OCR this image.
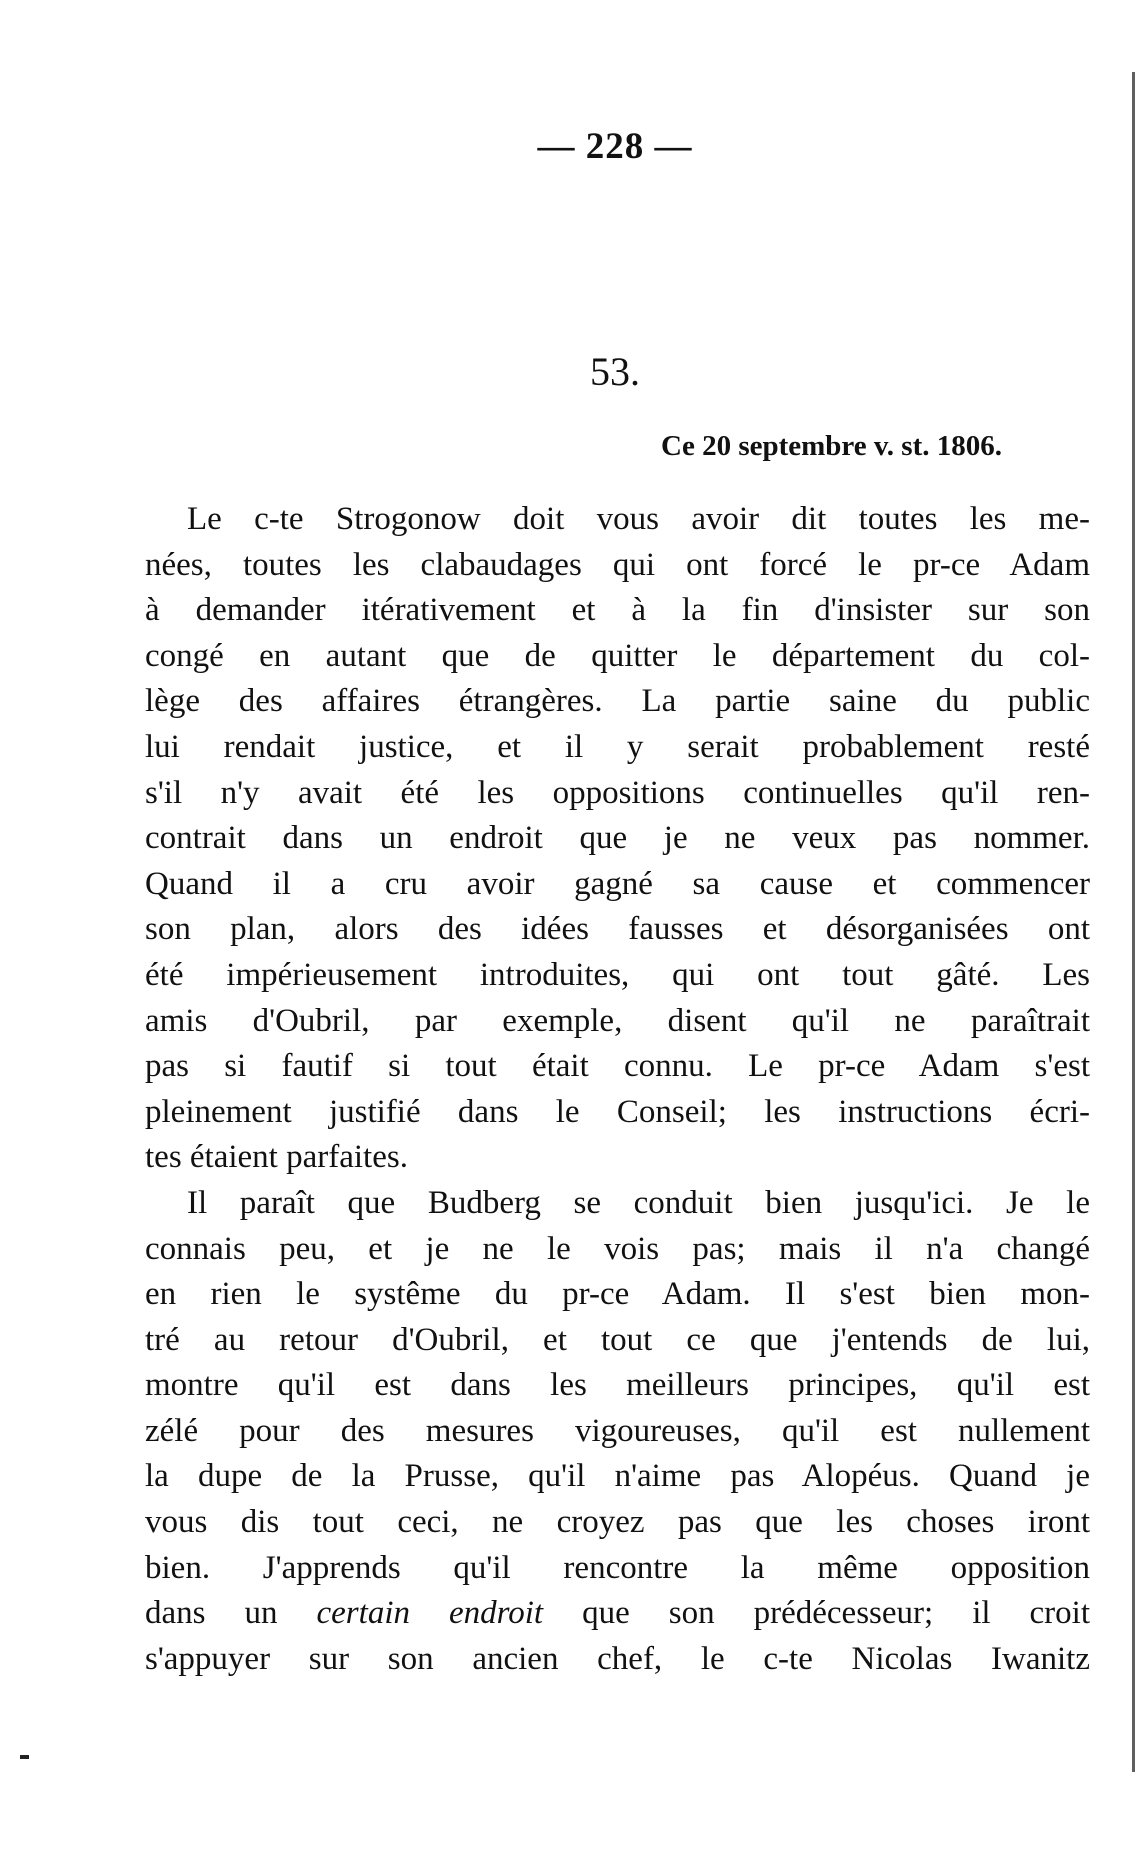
— 228 —
53.
Ce 20 septembre v. st. 1806.
Le c-te Strogonow doit vous avoir dit toutes les me-
nées, toutes les clabaudages qui ont forcé le pr-ce Adam
à demander itérativement et à la fin d'insister sur son
congé en autant que de quitter le département du col-
lège des affaires étrangères. La partie saine du public
lui rendait justice, et il y serait probablement resté
s'il n'y avait été les oppositions continuelles qu'il ren-
contrait dans un endroit que je ne veux pas nommer.
Quand il a cru avoir gagné sa cause et commencer
son plan, alors des idées fausses et désorganisées ont
été impérieusement introduites, qui ont tout gâté. Les
amis d'Oubril, par exemple, disent qu'il ne paraîtrait
pas si fautif si tout était connu. Le pr-ce Adam s'est
pleinement justifié dans le Conseil; les instructions écri-
tes étaient parfaites.
Il paraît que Budberg se conduit bien jusqu'ici. Je le
connais peu, et je ne le vois pas; mais il n'a changé
en rien le systême du pr-ce Adam. Il s'est bien mon-
tré au retour d'Oubril, et tout ce que j'entends de lui,
montre qu'il est dans les meilleurs principes, qu'il est
zélé pour des mesures vigoureuses, qu'il est nullement
la dupe de la Prusse, qu'il n'aime pas Alopéus. Quand je
vous dis tout ceci, ne croyez pas que les choses iront
bien. J'apprends qu'il rencontre la même opposition
dans un certain endroit que son prédécesseur; il croit
s'appuyer sur son ancien chef, le c-te Nicolas Iwanitz
